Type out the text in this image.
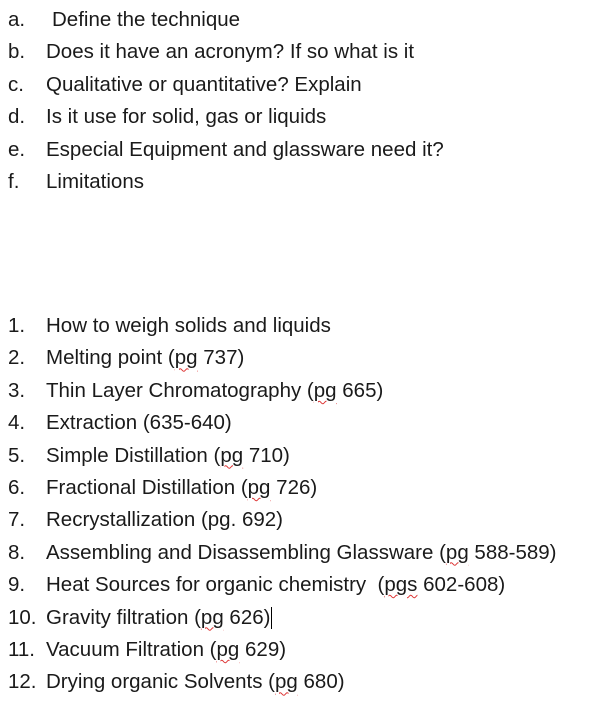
a. Define the technique
b. Does it have an acronym? If so what is it
c. Qualitative or quantitative? Explain
d. Is it use for solid, gas or liquids
e. Especial Equipment and glassware need it?
f. Limitations
1. How to weigh solids and liquids
2. Melting point (pg 737)
3. Thin Layer Chromatography (pg 665)
4. Extraction (635-640)
5. Simple Distillation (pg 710)
6. Fractional Distillation (pg 726)
7. Recrystallization (pg. 692)
8. Assembling and Disassembling Glassware (pg 588-589)
9. Heat Sources for organic chemistry  (pgs 602-608)
10. Gravity filtration (pg 626)
11. Vacuum Filtration (pg 629)
12. Drying organic Solvents (pg 680)
